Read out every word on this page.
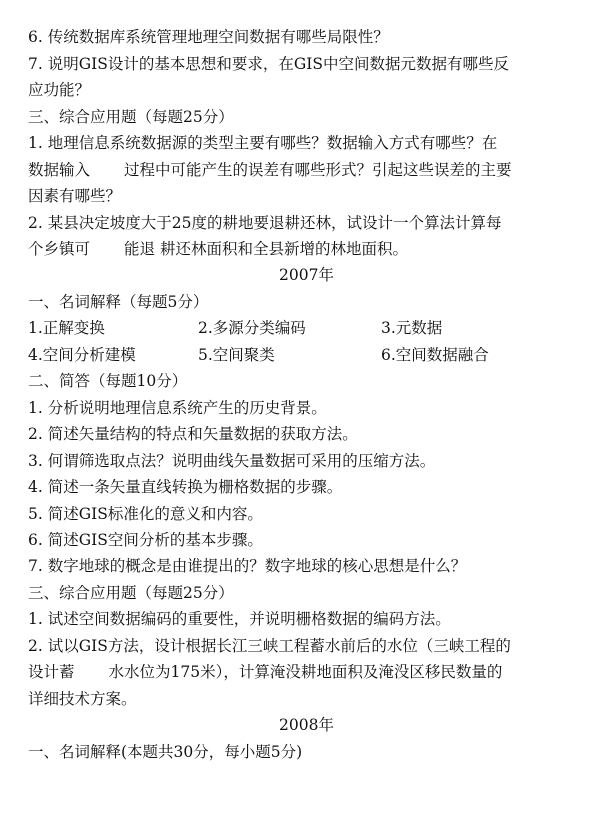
6. 传统数据库系统管理地理空间数据有哪些局限性？
7. 说明GIS设计的基本思想和要求，在GIS中空间数据元数据有哪些反
应功能？
三、综合应用题（每题25分）
1. 地理信息系统数据源的类型主要有哪些？数据输入方式有哪些？在
数据输入 过程中可能产生的误差有哪些形式？引起这些误差的主要
因素有哪些？
2. 某县决定坡度大于25度的耕地要退耕还林，试设计一个算法计算每
个乡镇可 能退 耕还林面积和全县新增的林地面积。
2007年
一、名词解释（每题5分）
1.正解变换	2.多源分类编码	3.元数据
4.空间分析建模	5.空间聚类	6.空间数据融合
二、简答（每题10分）
1. 分析说明地理信息系统产生的历史背景。
2. 简述矢量结构的特点和矢量数据的获取方法。
3. 何谓筛选取点法？说明曲线矢量数据可采用的压缩方法。
4. 简述一条矢量直线转换为栅格数据的步骤。
5. 简述GIS标准化的意义和内容。
6. 简述GIS空间分析的基本步骤。
7. 数字地球的概念是由谁提出的？数字地球的核心思想是什么？
三、综合应用题（每题25分）
1. 试述空间数据编码的重要性，并说明栅格数据的编码方法。
2. 试以GIS方法，设计根据长江三峡工程蓄水前后的水位（三峡工程的
设计蓄 水水位为175米），计算淹没耕地面积及淹没区移民数量的
详细技术方案。
2008年
一、名词解释(本题共30分，每小题5分)
